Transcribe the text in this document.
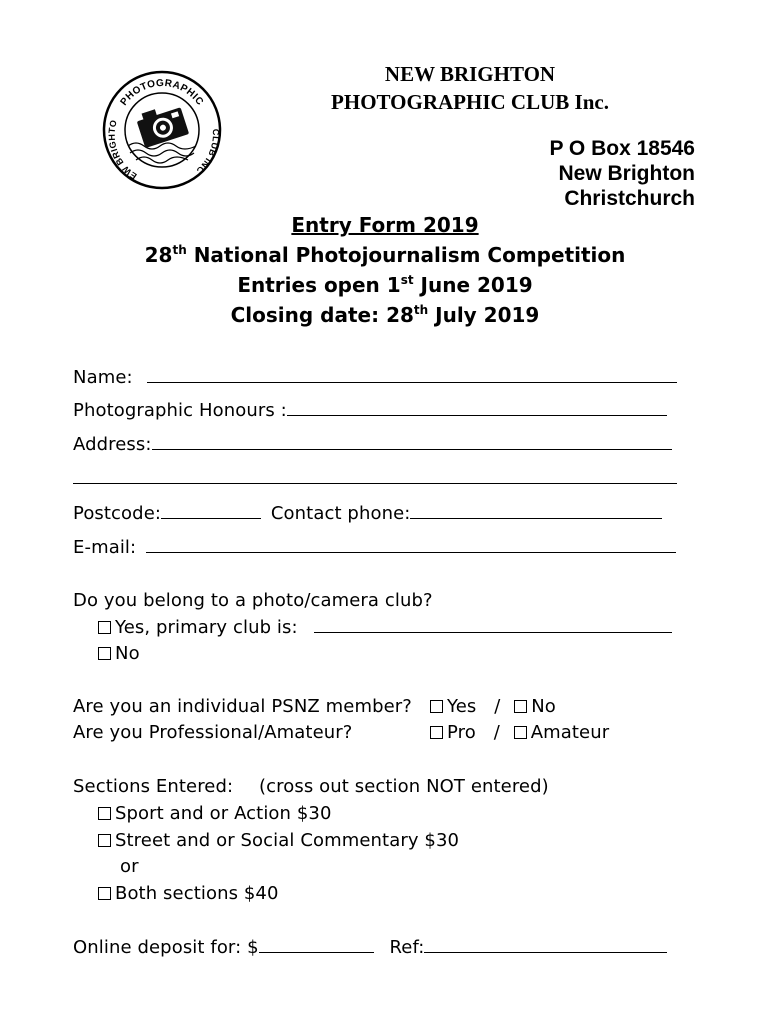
PHOTOGRAPHIC
EW BRIGHTO
CLUB INC
NEW BRIGHTON
PHOTOGRAPHIC CLUB Inc.
P O Box 18546
New Brighton
Christchurch
Entry Form 2019
28th National Photojournalism Competition
Entries open 1st June 2019
Closing date: 28th July 2019
Name:
Photographic Honours :
Address:
Postcode:	Contact phone:
E-mail:
Do you belong to a photo/camera club?
Yes, primary club is:
No
Are you an individual PSNZ member?	Yes / No
Are you Professional/Amateur?	Pro / Amateur
Sections Entered: (cross out section NOT entered)
Sport and or Action $30
Street and or Social Commentary $30
or
Both sections $40
Online deposit for: $	Ref:
